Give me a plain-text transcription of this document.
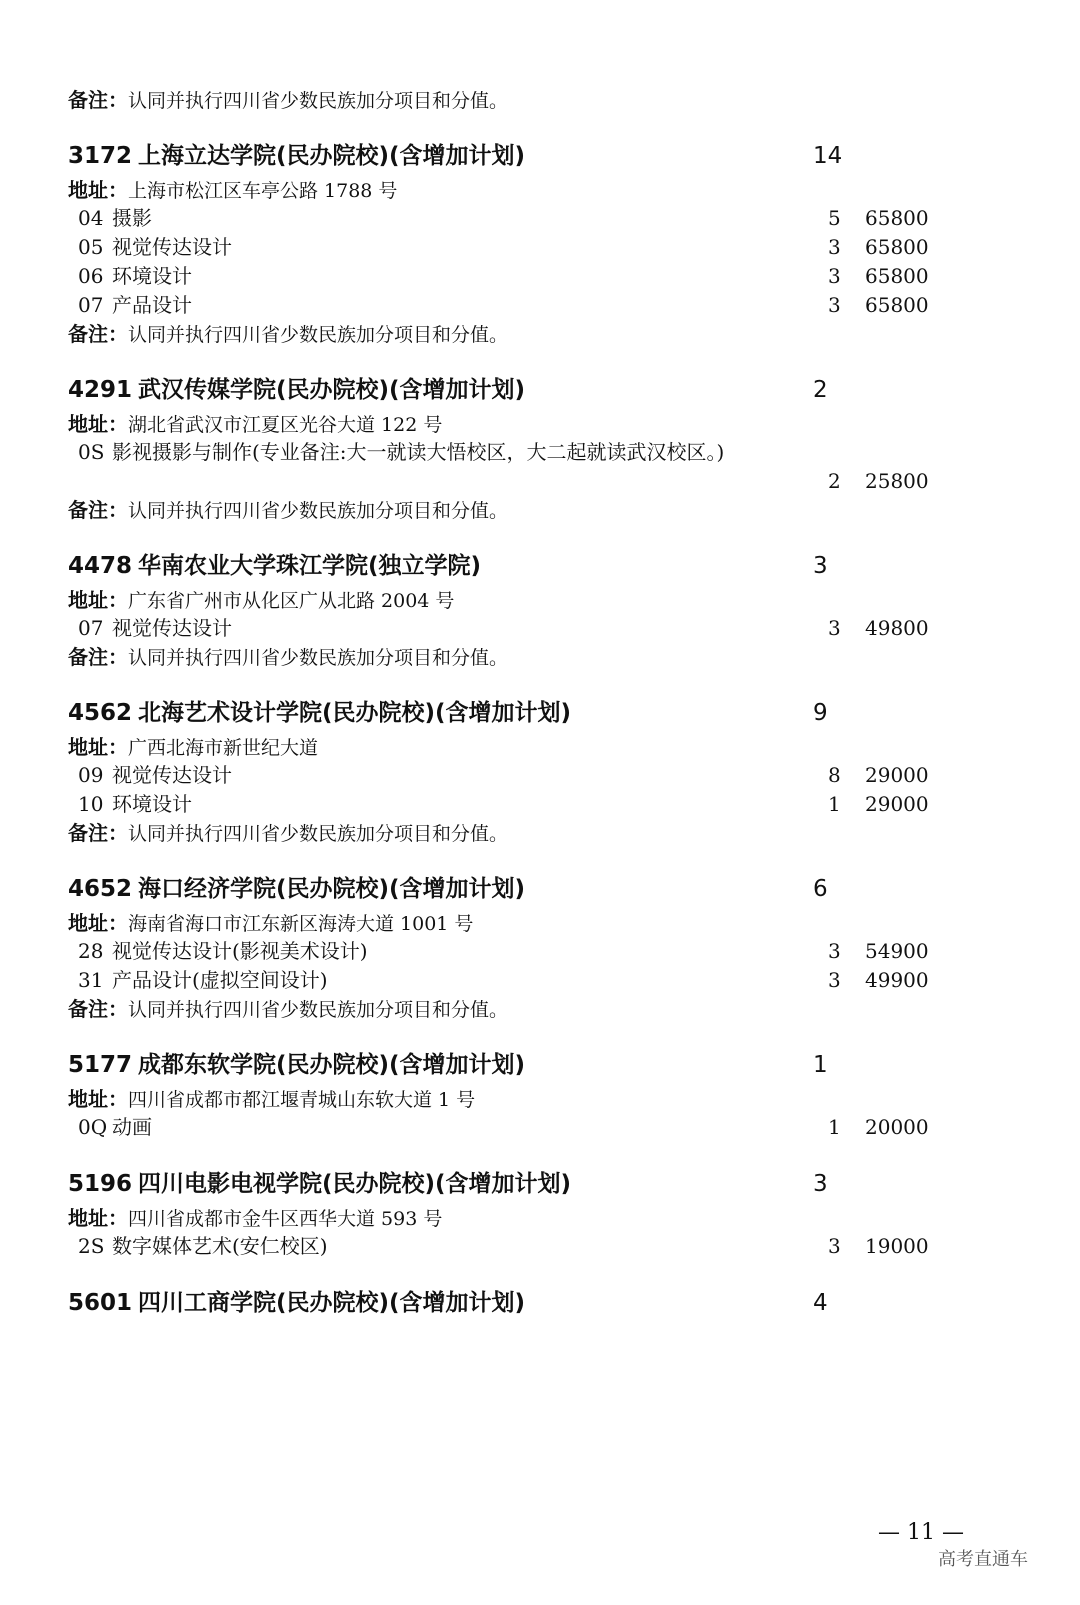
备注：认同并执行四川省少数民族加分项目和分值。
3172 上海立达学院(民办院校)(含增加计划)	14
地址：上海市松江区车亭公路 1788 号
04 摄影	5 65800
05 视觉传达设计	3 65800
06 环境设计	3 65800
07 产品设计	3 65800
备注：认同并执行四川省少数民族加分项目和分值。
4291 武汉传媒学院(民办院校)(含增加计划)	2
地址：湖北省武汉市江夏区光谷大道 122 号
0S 影视摄影与制作(专业备注:大一就读大悟校区，大二起就读武汉校区。)
2 25800
备注：认同并执行四川省少数民族加分项目和分值。
4478 华南农业大学珠江学院(独立学院)	3
地址：广东省广州市从化区广从北路 2004 号
07 视觉传达设计	3 49800
备注：认同并执行四川省少数民族加分项目和分值。
4562 北海艺术设计学院(民办院校)(含增加计划)	9
地址：广西北海市新世纪大道
09 视觉传达设计	8 29000
10 环境设计	1 29000
备注：认同并执行四川省少数民族加分项目和分值。
4652 海口经济学院(民办院校)(含增加计划)	6
地址：海南省海口市江东新区海涛大道 1001 号
28 视觉传达设计(影视美术设计)	3 54900
31 产品设计(虚拟空间设计)	3 49900
备注：认同并执行四川省少数民族加分项目和分值。
5177 成都东软学院(民办院校)(含增加计划)	1
地址：四川省成都市都江堰青城山东软大道 1 号
0Q 动画	1 20000
5196 四川电影电视学院(民办院校)(含增加计划)	3
地址：四川省成都市金牛区西华大道 593 号
2S 数字媒体艺术(安仁校区)	3 19000
5601 四川工商学院(民办院校)(含增加计划)	4
— 11 —
高考直通车
